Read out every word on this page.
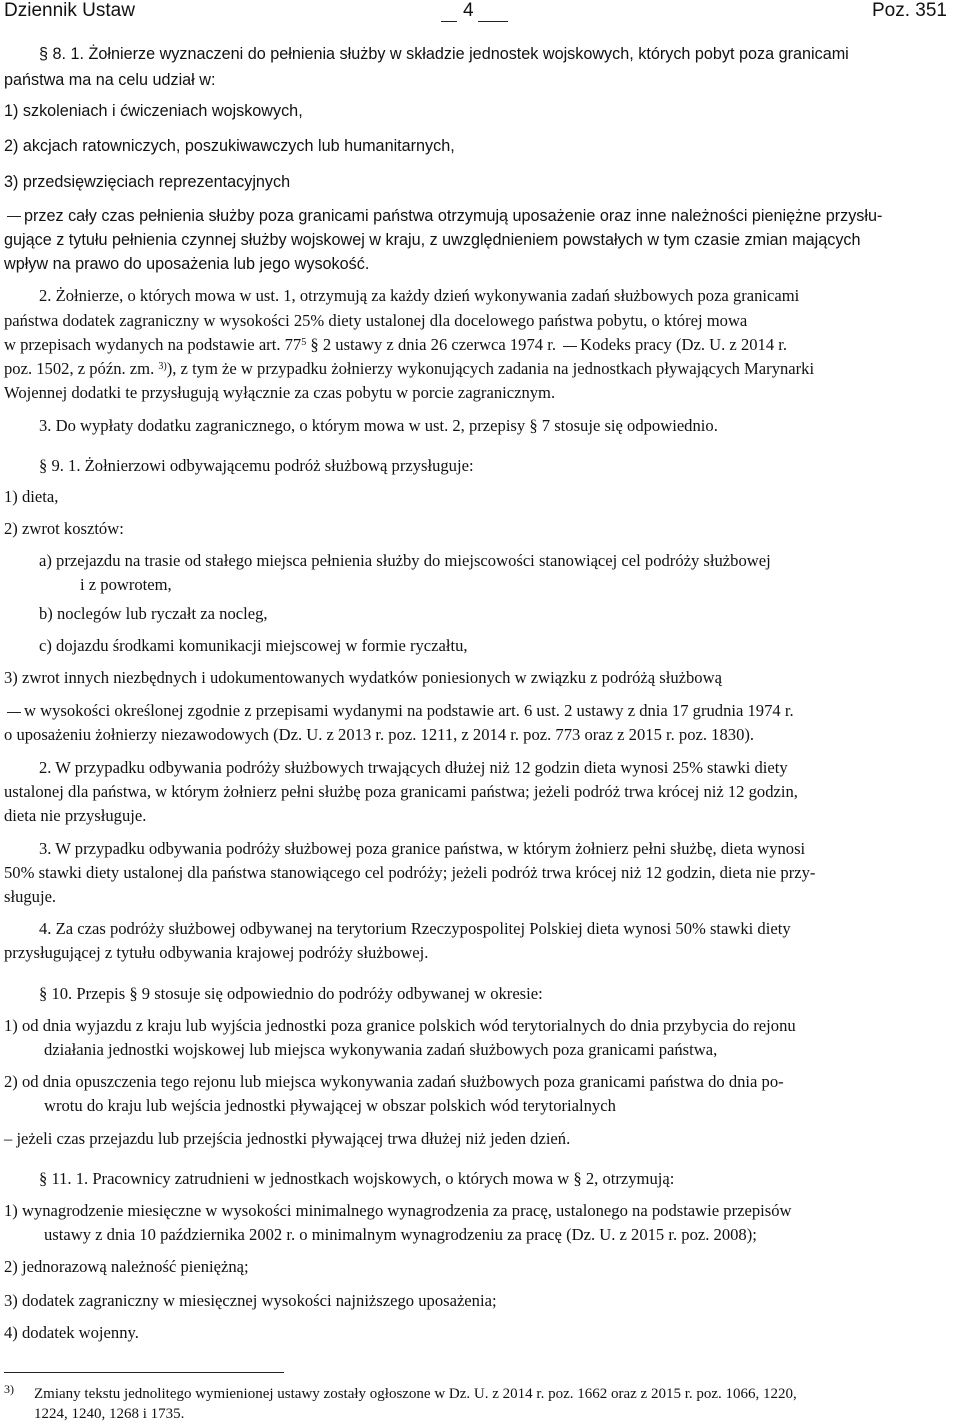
Dziennik Ustaw	4	Poz. 351
§ 8. 1. Żołnierze wyznaczeni do pełnienia służby w składzie jednostek wojskowych, których pobyt poza granicami
państwa ma na celu udział w:
1) szkoleniach i ćwiczeniach wojskowych,
2) akcjach ratowniczych, poszukiwawczych lub humanitarnych,
3) przedsięwzięciach reprezentacyjnych
przez cały czas pełnienia służby poza granicami państwa otrzymują uposażenie oraz inne należności pieniężne przysłu-
gujące z tytułu pełnienia czynnej służby wojskowej w kraju, z uwzględnieniem powstałych w tym czasie zmian mających
wpływ na prawo do uposażenia lub jego wysokość.
2. Żołnierze, o których mowa w ust. 1, otrzymują za każdy dzień wykonywania zadań służbowych poza granicami
państwa dodatek zagraniczny w wysokości 25% diety ustalonej dla docelowego państwa pobytu, o której mowa
w przepisach wydanych na podstawie art. $77^5$ § 2 ustawy z dnia 26 czerwca 1974 r. Kodeks pracy (Dz. U. z 2014 r.
poz. 1502, z późn. zm. $^{3)}$), z tym że w przypadku żołnierzy wykonujących zadania na jednostkach pływających Marynarki
Wojennej dodatki te przysługują wyłącznie za czas pobytu w porcie zagranicznym.
3. Do wypłaty dodatku zagranicznego, o którym mowa w ust. 2, przepisy § 7 stosuje się odpowiednio.
§ 9. 1. Żołnierzowi odbywającemu podróż służbową przysługuje:
1) dieta,
2) zwrot kosztów:
a) przejazdu na trasie od stałego miejsca pełnienia służby do miejscowości stanowiącej cel podróży służbowej
i z powrotem,
b) noclegów lub ryczałt za nocleg,
c) dojazdu środkami komunikacji miejscowej w formie ryczałtu,
3) zwrot innych niezbędnych i udokumentowanych wydatków poniesionych w związku z podróżą służbową
w wysokości określonej zgodnie z przepisami wydanymi na podstawie art. 6 ust. 2 ustawy z dnia 17 grudnia 1974 r.
o uposażeniu żołnierzy niezawodowych (Dz. U. z 2013 r. poz. 1211, z 2014 r. poz. 773 oraz z 2015 r. poz. 1830).
2. W przypadku odbywania podróży służbowych trwających dłużej niż 12 godzin dieta wynosi 25% stawki diety
ustalonej dla państwa, w którym żołnierz pełni służbę poza granicami państwa; jeżeli podróż trwa krócej niż 12 godzin,
dieta nie przysługuje.
3. W przypadku odbywania podróży służbowej poza granice państwa, w którym żołnierz pełni służbę, dieta wynosi
50% stawki diety ustalonej dla państwa stanowiącego cel podróży; jeżeli podróż trwa krócej niż 12 godzin, dieta nie przy-
sługuje.
4. Za czas podróży służbowej odbywanej na terytorium Rzeczypospolitej Polskiej dieta wynosi 50% stawki diety
przysługującej z tytułu odbywania krajowej podróży służbowej.
§ 10. Przepis § 9 stosuje się odpowiednio do podróży odbywanej w okresie:
1) od dnia wyjazdu z kraju lub wyjścia jednostki poza granice polskich wód terytorialnych do dnia przybycia do rejonu
działania jednostki wojskowej lub miejsca wykonywania zadań służbowych poza granicami państwa,
2) od dnia opuszczenia tego rejonu lub miejsca wykonywania zadań służbowych poza granicami państwa do dnia po-
wrotu do kraju lub wejścia jednostki pływającej w obszar polskich wód terytorialnych
– jeżeli czas przejazdu lub przejścia jednostki pływającej trwa dłużej niż jeden dzień.
§ 11. 1. Pracownicy zatrudnieni w jednostkach wojskowych, o których mowa w § 2, otrzymują:
1) wynagrodzenie miesięczne w wysokości minimalnego wynagrodzenia za pracę, ustalonego na podstawie przepisów
ustawy z dnia 10 października 2002 r. o minimalnym wynagrodzeniu za pracę (Dz. U. z 2015 r. poz. 2008);
2) jednorazową należność pieniężną;
3) dodatek zagraniczny w miesięcznej wysokości najniższego uposażenia;
4) dodatek wojenny.
3) Zmiany tekstu jednolitego wymienionej ustawy zostały ogłoszone w Dz. U. z 2014 r. poz. 1662 oraz z 2015 r. poz. 1066, 1220,
1224, 1240, 1268 i 1735.
